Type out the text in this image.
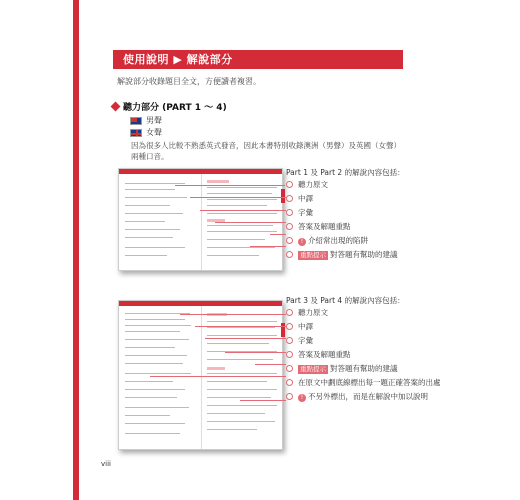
使用說明 ▶ 解說部分
解說部分收錄題目全文，方便讀者複習。
聽力部分 (PART 1 ～ 4)
男聲
女聲
因為很多人比較不熟悉英式發音，因此本書特別收錄澳洲（男聲）及英國（女聲）兩種口音。
Part 1 及 Part 2 的解說內容包括：
聽力原文
中譯
字彙
答案及解題重點
! 介紹常出現的陷阱
重點提示 對答題有幫助的建議
Part 3 及 Part 4 的解說內容包括：
聽力原文
中譯
字彙
答案及解題重點
重點提示 對答題有幫助的建議
在原文中劃底線標出每一題正確答案的出處
! 不另外標出，而是在解說中加以說明
viii
